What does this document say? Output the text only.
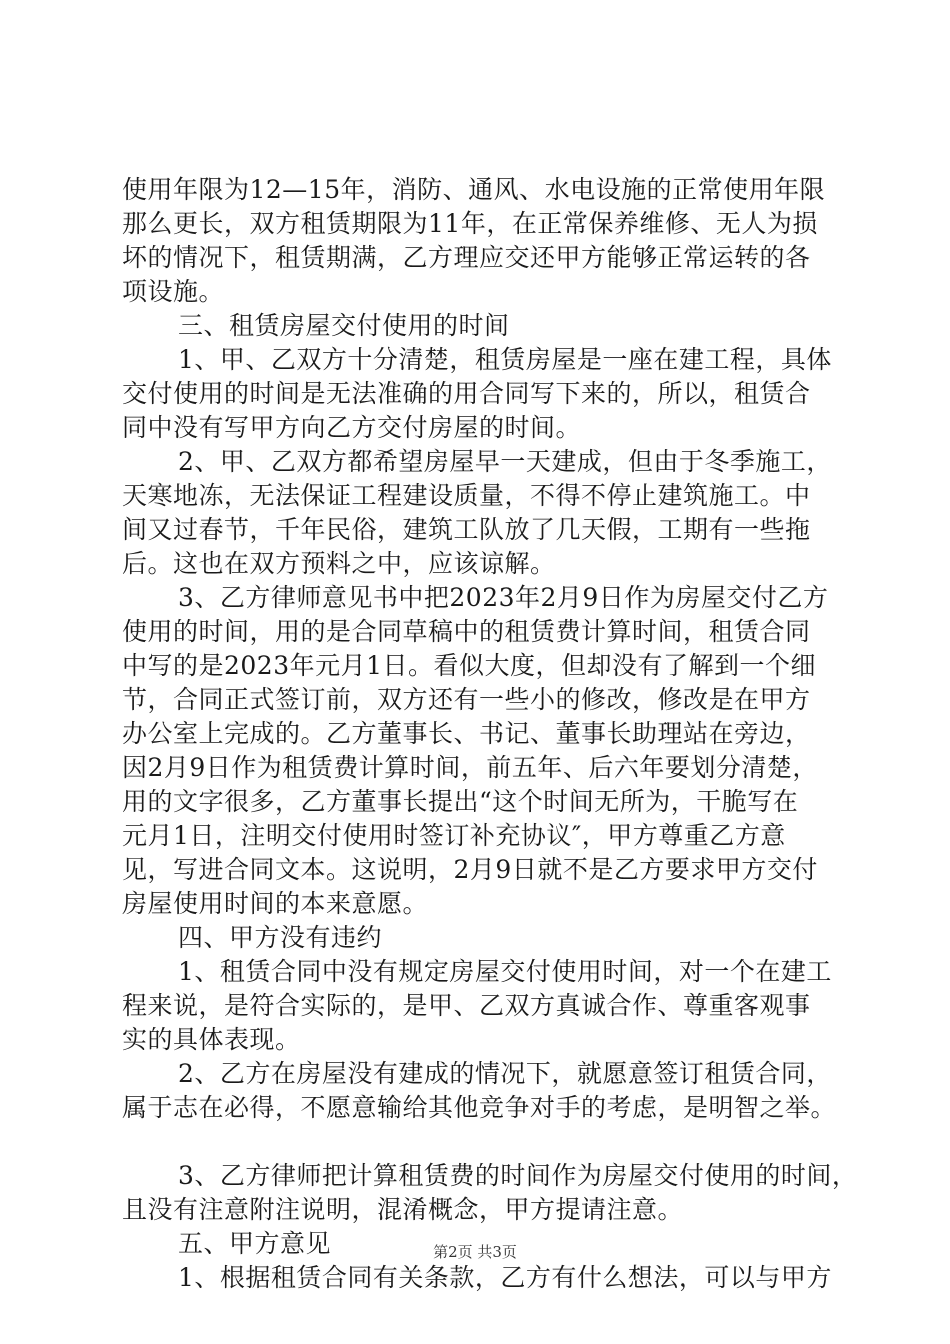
使用年限为12—15年，消防、通风、水电设施的正常使用年限
那么更长，双方租赁期限为11年，在正常保养维修、无人为损
坏的情况下，租赁期满，乙方理应交还甲方能够正常运转的各
项设施。
三、租赁房屋交付使用的时间
1、甲、乙双方十分清楚，租赁房屋是一座在建工程，具体
交付使用的时间是无法准确的用合同写下来的，所以，租赁合
同中没有写甲方向乙方交付房屋的时间。
2、甲、乙双方都希望房屋早一天建成，但由于冬季施工，
天寒地冻，无法保证工程建设质量，不得不停止建筑施工。中
间又过春节，千年民俗，建筑工队放了几天假，工期有一些拖
后。这也在双方预料之中，应该谅解。
3、乙方律师意见书中把2023年2月9日作为房屋交付乙方
使用的时间，用的是合同草稿中的租赁费计算时间，租赁合同
中写的是2023年元月1日。看似大度，但却没有了解到一个细
节，合同正式签订前，双方还有一些小的修改，修改是在甲方
办公室上完成的。乙方董事长、书记、董事长助理站在旁边，
因2月9日作为租赁费计算时间，前五年、后六年要划分清楚，
用的文字很多，乙方董事长提出“这个时间无所为，干脆写在
元月1日，注明交付使用时签订补充协议″，甲方尊重乙方意
见，写进合同文本。这说明，2月9日就不是乙方要求甲方交付
房屋使用时间的本来意愿。
四、甲方没有违约
1、租赁合同中没有规定房屋交付使用时间，对一个在建工
程来说，是符合实际的，是甲、乙双方真诚合作、尊重客观事
实的具体表现。
2、乙方在房屋没有建成的情况下，就愿意签订租赁合同，
属于志在必得，不愿意输给其他竞争对手的考虑，是明智之举。
3、乙方律师把计算租赁费的时间作为房屋交付使用的时间，
且没有注意附注说明，混淆概念，甲方提请注意。
五、甲方意见
1、根据租赁合同有关条款，乙方有什么想法，可以与甲方
第2页 共3页
